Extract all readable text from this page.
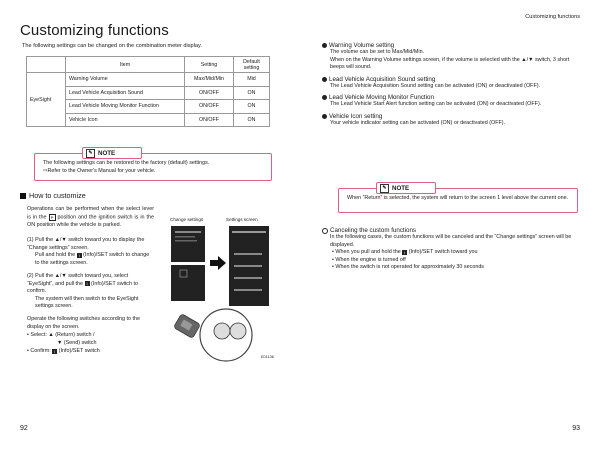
Customizing functions
Customizing functions
The following settings can be changed on the combination meter display.
	Item	Setting	Default setting
EyeSight	Warning Volume	Max/Mid/Min	Mid
	Lead Vehicle Acquisition Sound	ON/OFF	ON
	Lead Vehicle Moving Monitor Function	ON/OFF	ON
	Vehicle Icon	ON/OFF	ON
The following settings can be restored to the factory (default) settings.
⇨Refer to the Owner's Manual for your vehicle.
✎ NOTE
How to customize
Operations can be performed when the select lever is in the P position and the ignition switch is in the ON position while the vehicle is parked.
(1) Pull the ▲/▼ switch toward you to display the “Change settings” screen.
Pull and hold the i (Info)/SET switch to change to the settings screen.
(2) Pull the ▲/▼ switch toward you, select “EyeSight”, and pull the i (Info)/SET switch to confirm.
The system will then switch to the EyeSight settings screen.
Operate the following switches according to the display on the screen.
• Select: ▲ (Return) switch /
▼ (Send) switch
• Confirm: i (Info)/SET switch
Change settings	Settings screen
E01136
92
Warning Volume setting
The volume can be set to Max/Mid/Min.
When on the Warning Volume settings screen, if the volume is selected with the ▲/▼ switch, 3 short beeps will sound.
Lead Vehicle Acquisition Sound setting
The Lead Vehicle Acquisition Sound setting can be activated (ON) or deactivated (OFF).
Lead Vehicle Moving Monitor Function
The Lead Vehicle Start Alert function setting can be activated (ON) or deactivated (OFF).
Vehicle Icon setting
Your vehicle indicator setting can be activated (ON) or deactivated (OFF).
When “Return” is selected, the system will return to the screen 1 level above the current one.
✎ NOTE
Canceling the custom functions
In the following cases, the custom functions will be canceled and the “Change settings” screen will be displayed.
• When you pull and hold the i (Info)/SET switch toward you
• When the engine is turned off
• When the switch is not operated for approximately 30 seconds
93
